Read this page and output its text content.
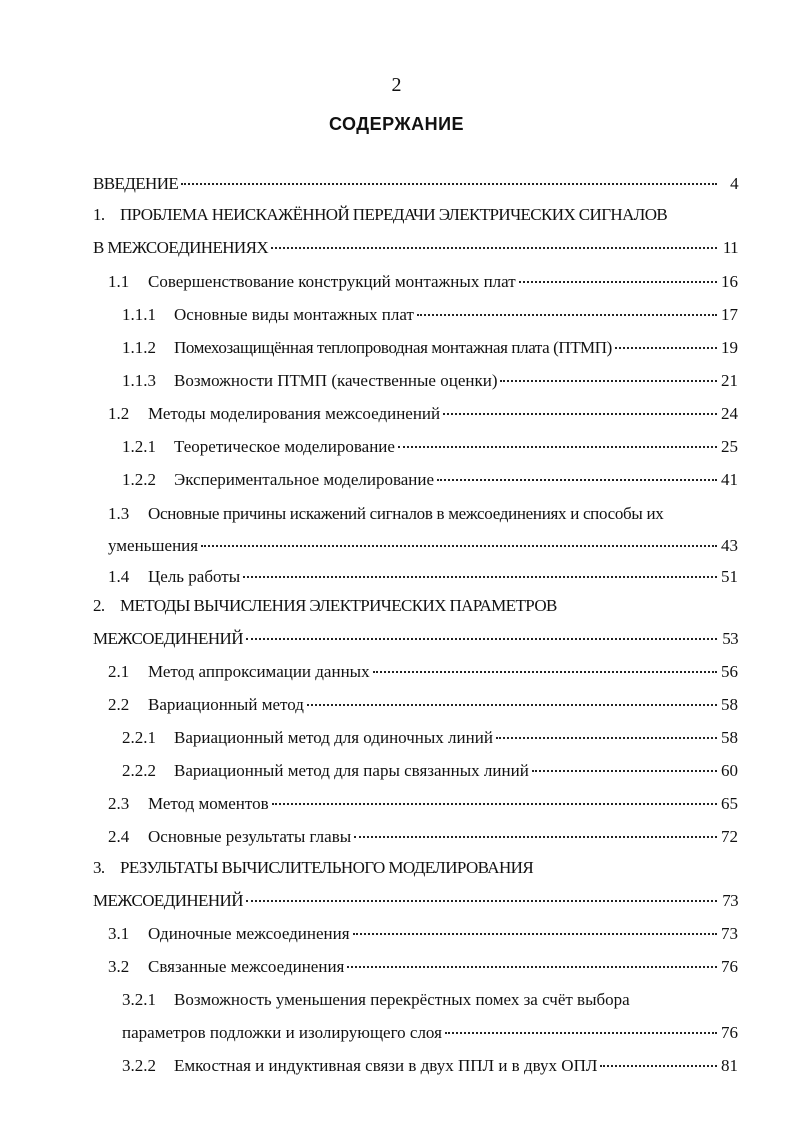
2
СОДЕРЖАНИЕ
ВВЕДЕНИЕ	4
1. ПРОБЛЕМА НЕИСКАЖЁННОЙ ПЕРЕДАЧИ ЭЛЕКТРИЧЕСКИХ СИГНАЛОВ
В МЕЖСОЕДИНЕНИЯХ	11
1.1	Совершенствование конструкций монтажных плат	16
1.1.1	Основные виды монтажных плат	17
1.1.2	Помехозащищённая теплопроводная монтажная плата (ПТМП)	19
1.1.3	Возможности ПТМП (качественные оценки)	21
1.2	Методы моделирования межсоединений	24
1.2.1	Теоретическое моделирование	25
1.2.2	Экспериментальное моделирование	41
1.3	Основные причины искажений сигналов в межсоединениях и способы их
уменьшения	43
1.4	Цель работы	51
2. МЕТОДЫ ВЫЧИСЛЕНИЯ ЭЛЕКТРИЧЕСКИХ ПАРАМЕТРОВ
МЕЖСОЕДИНЕНИЙ	53
2.1	Метод аппроксимации данных	56
2.2	Вариационный метод	58
2.2.1	Вариационный метод для одиночных линий	58
2.2.2	Вариационный метод для пары связанных линий	60
2.3	Метод моментов	65
2.4	Основные результаты главы	72
3. РЕЗУЛЬТАТЫ ВЫЧИСЛИТЕЛЬНОГО МОДЕЛИРОВАНИЯ
МЕЖСОЕДИНЕНИЙ	73
3.1	Одиночные межсоединения	73
3.2	Связанные межсоединения	76
3.2.1	Возможность уменьшения перекрёстных помех за счёт выбора
параметров подложки и изолирующего слоя	76
3.2.2	Емкостная и индуктивная связи в двух ППЛ и в двух ОПЛ	81
